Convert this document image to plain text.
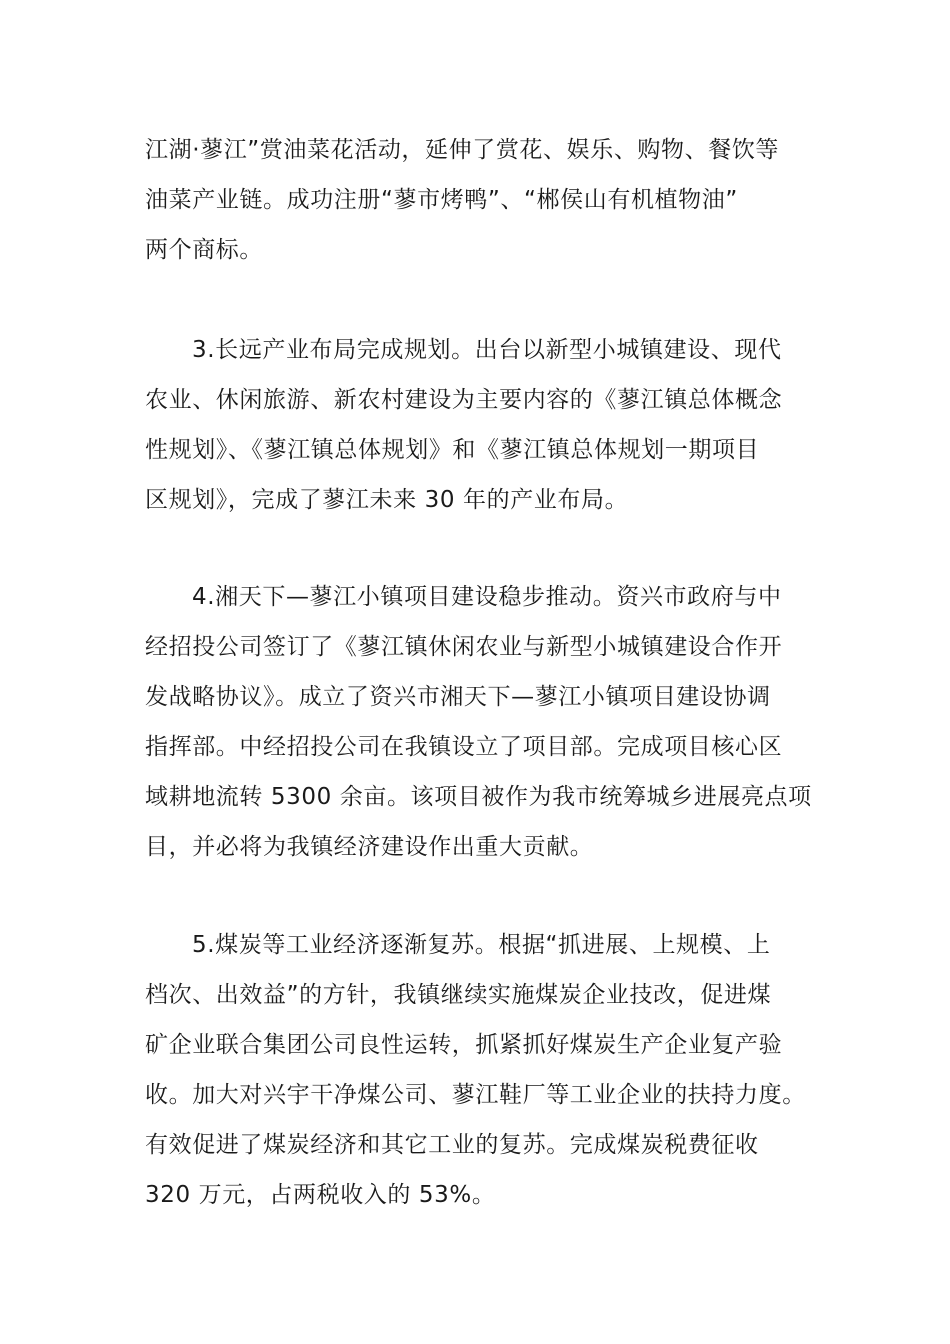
江湖·蓼江”赏油菜花活动，延伸了赏花、娱乐、购物、餐饮等
油菜产业链。成功注册“蓼市烤鸭”、“郴侯山有机植物油”
两个商标。
3.长远产业布局完成规划。出台以新型小城镇建设、现代
农业、休闲旅游、新农村建设为主要内容的《蓼江镇总体概念
性规划》、《蓼江镇总体规划》和《蓼江镇总体规划一期项目
区规划》，完成了蓼江未来 30 年的产业布局。
4.湘天下—蓼江小镇项目建设稳步推动。资兴市政府与中
经招投公司签订了《蓼江镇休闲农业与新型小城镇建设合作开
发战略协议》。成立了资兴市湘天下—蓼江小镇项目建设协调
指挥部。中经招投公司在我镇设立了项目部。完成项目核心区
域耕地流转 5300 余亩。该项目被作为我市统筹城乡进展亮点项
目，并必将为我镇经济建设作出重大贡献。
5.煤炭等工业经济逐渐复苏。根据“抓进展、上规模、上
档次、出效益”的方针，我镇继续实施煤炭企业技改，促进煤
矿企业联合集团公司良性运转，抓紧抓好煤炭生产企业复产验
收。加大对兴宇干净煤公司、蓼江鞋厂等工业企业的扶持力度。
有效促进了煤炭经济和其它工业的复苏。完成煤炭税费征收
320 万元，占两税收入的 53%。
